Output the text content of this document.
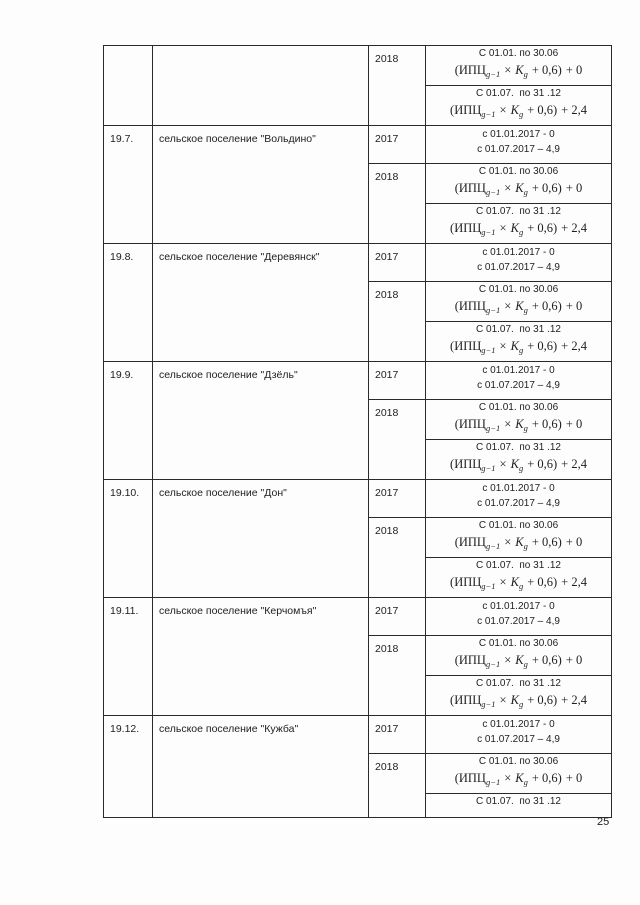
2018	С 01.01. по 30.06
$(ИПЦ_{g-1} \times K_g + 0,6) + 0$
С 01.07.  по 31 .12
$(ИПЦ_{g-1} \times K_g + 0,6) + 2,4$
19.7.	сельское поселение "Вольдино"	2017	с 01.01.2017 - 0
с 01.07.2017 – 4,9
2018	С 01.01. по 30.06
$(ИПЦ_{g-1} \times K_g + 0,6) + 0$
С 01.07.  по 31 .12
$(ИПЦ_{g-1} \times K_g + 0,6) + 2,4$
19.8.	сельское поселение "Деревянск"	2017	с 01.01.2017 - 0
с 01.07.2017 – 4,9
2018	С 01.01. по 30.06
$(ИПЦ_{g-1} \times K_g + 0,6) + 0$
С 01.07.  по 31 .12
$(ИПЦ_{g-1} \times K_g + 0,6) + 2,4$
19.9.	сельское поселение "Дзёль"	2017	с 01.01.2017 - 0
с 01.07.2017 – 4,9
2018	С 01.01. по 30.06
$(ИПЦ_{g-1} \times K_g + 0,6) + 0$
С 01.07.  по 31 .12
$(ИПЦ_{g-1} \times K_g + 0,6) + 2,4$
19.10.	сельское поселение "Дон"	2017	с 01.01.2017 - 0
с 01.07.2017 – 4,9
2018	С 01.01. по 30.06
$(ИПЦ_{g-1} \times K_g + 0,6) + 0$
С 01.07.  по 31 .12
$(ИПЦ_{g-1} \times K_g + 0,6) + 2,4$
19.11.	сельское поселение "Керчомъя"	2017	с 01.01.2017 - 0
с 01.07.2017 – 4,9
2018	С 01.01. по 30.06
$(ИПЦ_{g-1} \times K_g + 0,6) + 0$
С 01.07.  по 31 .12
$(ИПЦ_{g-1} \times K_g + 0,6) + 2,4$
19.12.	сельское поселение "Кужба"	2017	с 01.01.2017 - 0
с 01.07.2017 – 4,9
2018	С 01.01. по 30.06
$(ИПЦ_{g-1} \times K_g + 0,6) + 0$
С 01.07.  по 31 .12
25
